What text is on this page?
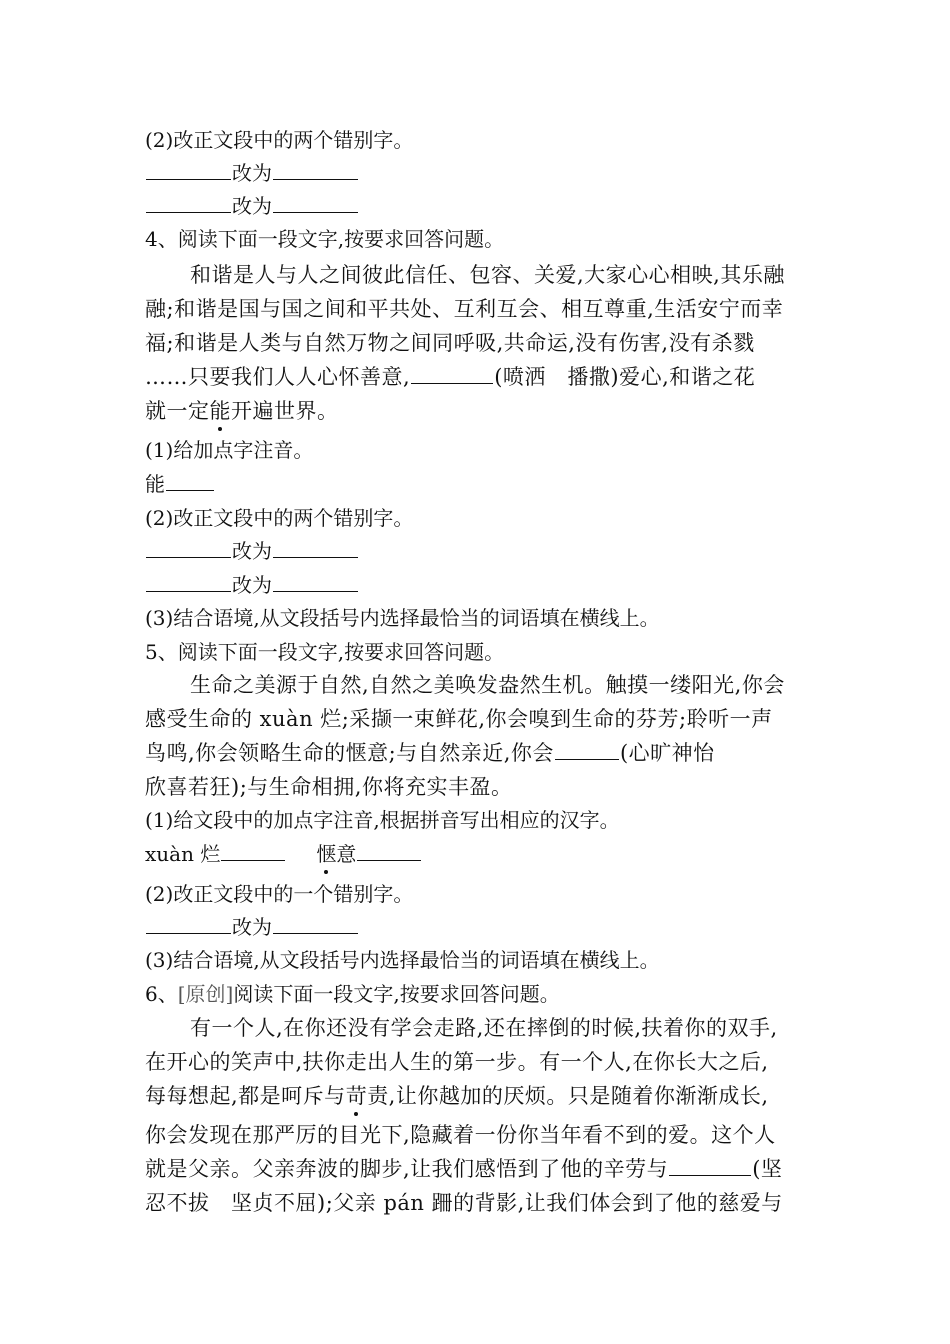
(2)改正文段中的两个错别字。
改为
改为
4、阅读下面一段文字,按要求回答问题。
和谐是人与人之间彼此信任、包容、关爱,大家心心相映,其乐融
融;和谐是国与国之间和平共处、互利互会、相互尊重,生活安宁而幸
福;和谐是人类与自然万物之间同呼吸,共命运,没有伤害,没有杀戮
……只要我们人人心怀善意,	(喷洒　播撒)爱心,和谐之花
就一定能开遍世界。
(1)给加点字注音。
能
(2)改正文段中的两个错别字。
改为
改为
(3)结合语境,从文段括号内选择最恰当的词语填在横线上。
5、阅读下面一段文字,按要求回答问题。
生命之美源于自然,自然之美唤发盎然生机。触摸一缕阳光,你会
感受生命的 xuàn 烂;采撷一束鲜花,你会嗅到生命的芬芳;聆听一声
鸟鸣,你会领略生命的惬意;与自然亲近,你会	(心旷神怡
欣喜若狂);与生命相拥,你将充实丰盈。
(1)给文段中的加点字注音,根据拼音写出相应的汉字。
xuàn 烂	惬意
(2)改正文段中的一个错别字。
改为
(3)结合语境,从文段括号内选择最恰当的词语填在横线上。
6、[原创]阅读下面一段文字,按要求回答问题。
有一个人,在你还没有学会走路,还在摔倒的时候,扶着你的双手,
在开心的笑声中,扶你走出人生的第一步。有一个人,在你长大之后,
每每想起,都是呵斥与苛责,让你越加的厌烦。只是随着你渐渐成长,
你会发现在那严厉的目光下,隐藏着一份你当年看不到的爱。这个人
就是父亲。父亲奔波的脚步,让我们感悟到了他的辛劳与	(坚
忍不拔　坚贞不屈);父亲 pán 跚的背影,让我们体会到了他的慈爱与
